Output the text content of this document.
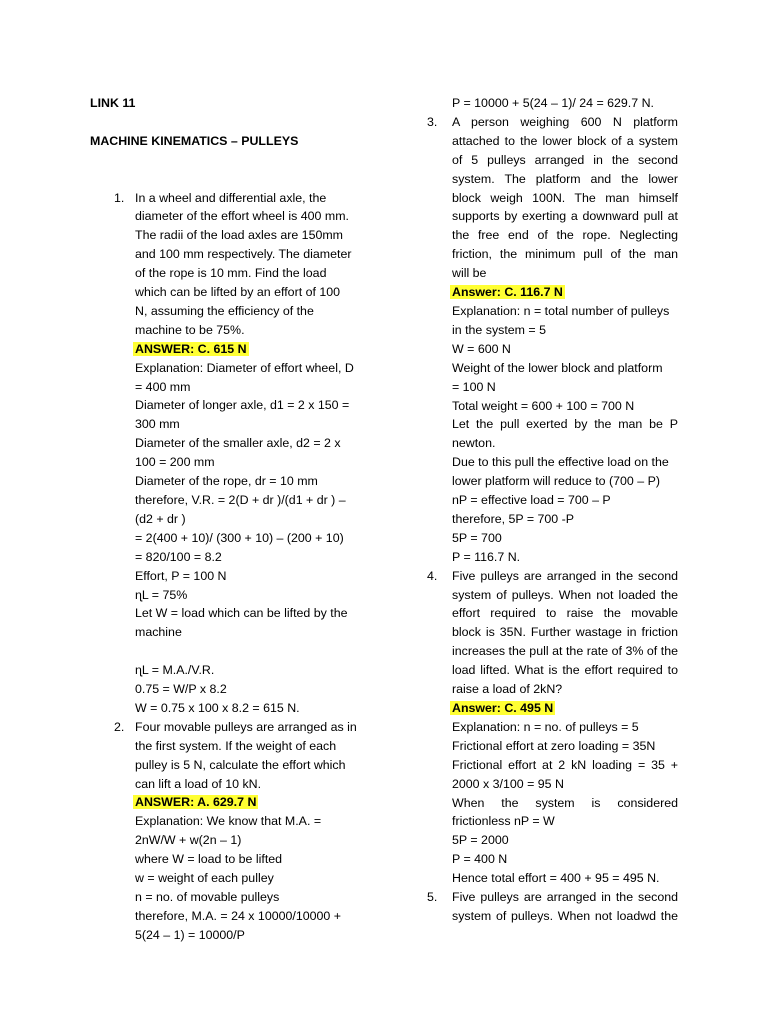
LINK 11
MACHINE KINEMATICS – PULLEYS
1. In a wheel and differential axle, the
diameter of the effort wheel is 400 mm.
The radii of the load axles are 150mm
and 100 mm respectively. The diameter
of the rope is 10 mm. Find the load
which can be lifted by an effort of 100
N, assuming the efficiency of the
machine to be 75%.
ANSWER: C. 615 N
Explanation: Diameter of effort wheel, D
= 400 mm
Diameter of longer axle, d1 = 2 x 150 =
300 mm
Diameter of the smaller axle, d2 = 2 x
100 = 200 mm
Diameter of the rope, dr = 10 mm
therefore, V.R. = 2(D + dr )/(d1 + dr ) –
(d2 + dr )
= 2(400 + 10)/ (300 + 10) – (200 + 10)
= 820/100 = 8.2
Effort, P = 100 N
ɳL = 75%
Let W = load which can be lifted by the
machine
ɳL = M.A./V.R.
0.75 = W/P x 8.2
W = 0.75 x 100 x 8.2 = 615 N.
2. Four movable pulleys are arranged as in
the first system. If the weight of each
pulley is 5 N, calculate the effort which
can lift a load of 10 kN.
ANSWER: A. 629.7 N
Explanation: We know that M.A. =
2nW/W + w(2n – 1)
where W = load to be lifted
w = weight of each pulley
n = no. of movable pulleys
therefore, M.A. = 24 x 10000/10000 +
5(24 – 1) = 10000/P
P = 10000 + 5(24 – 1)/ 24 = 629.7 N.
3. A person weighing 600 N platform
attached to the lower block of a system
of 5 pulleys arranged in the second
system. The platform and the lower
block weigh 100N. The man himself
supports by exerting a downward pull at
the free end of the rope. Neglecting
friction, the minimum pull of the man
will be
Answer: C. 116.7 N
Explanation: n = total number of pulleys
in the system = 5
W = 600 N
Weight of the lower block and platform
= 100 N
Total weight = 600 + 100 = 700 N
Let the pull exerted by the man be P
newton.
Due to this pull the effective load on the
lower platform will reduce to (700 – P)
nP = effective load = 700 – P
therefore, 5P = 700 -P
5P = 700
P = 116.7 N.
4. Five pulleys are arranged in the second
system of pulleys. When not loaded the
effort required to raise the movable
block is 35N. Further wastage in friction
increases the pull at the rate of 3% of the
load lifted. What is the effort required to
raise a load of 2kN?
Answer: C. 495 N
Explanation: n = no. of pulleys = 5
Frictional effort at zero loading = 35N
Frictional effort at 2 kN loading = 35 +
2000 x 3/100 = 95 N
When the system is considered
frictionless nP = W
5P = 2000
P = 400 N
Hence total effort = 400 + 95 = 495 N.
5. Five pulleys are arranged in the second
system of pulleys. When not loadwd the
